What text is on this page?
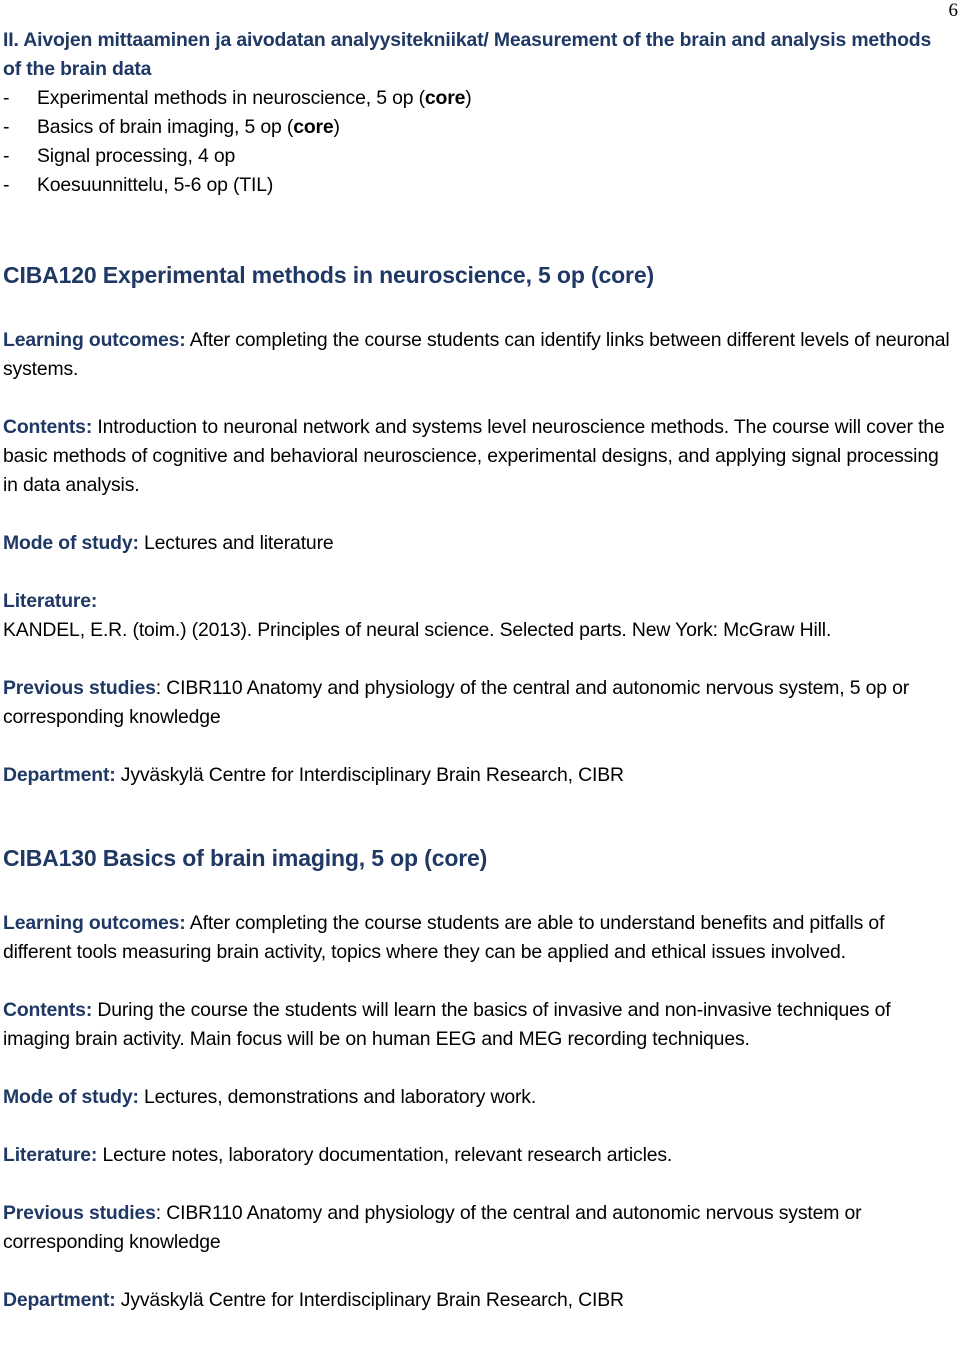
6
II. Aivojen mittaaminen ja aivodatan analyysitekniikat/ Measurement of the brain and analysis methods of the brain data
- Experimental methods in neuroscience, 5 op (core)
- Basics of brain imaging, 5 op (core)
- Signal processing, 4 op
- Koesuunnittelu, 5-6 op (TIL)
CIBA120 Experimental methods in neuroscience, 5 op (core)

Learning outcomes: After completing the course students can identify links between different levels of neuronal systems.

Contents: Introduction to neuronal network and systems level neuroscience methods. The course will cover the basic methods of cognitive and behavioral neuroscience, experimental designs, and applying signal processing in data analysis.

Mode of study: Lectures and literature

Literature:

KANDEL, E.R. (toim.) (2013). Principles of neural science. Selected parts. New York: McGraw Hill.

Previous studies: CIBR110 Anatomy and physiology of the central and autonomic nervous system, 5 op or corresponding knowledge

Department: Jyväskylä Centre for Interdisciplinary Brain Research, CIBR

CIBA130 Basics of brain imaging, 5 op (core)

Learning outcomes: After completing the course students are able to understand benefits and pitfalls of different tools measuring brain activity, topics where they can be applied and ethical issues involved.

Contents: During the course the students will learn the basics of invasive and non-invasive techniques of imaging brain activity. Main focus will be on human EEG and MEG recording techniques.

Mode of study: Lectures, demonstrations and laboratory work.

Literature: Lecture notes, laboratory documentation, relevant research articles.

Previous studies: CIBR110 Anatomy and physiology of the central and autonomic nervous system or corresponding knowledge

Department: Jyväskylä Centre for Interdisciplinary Brain Research, CIBR
